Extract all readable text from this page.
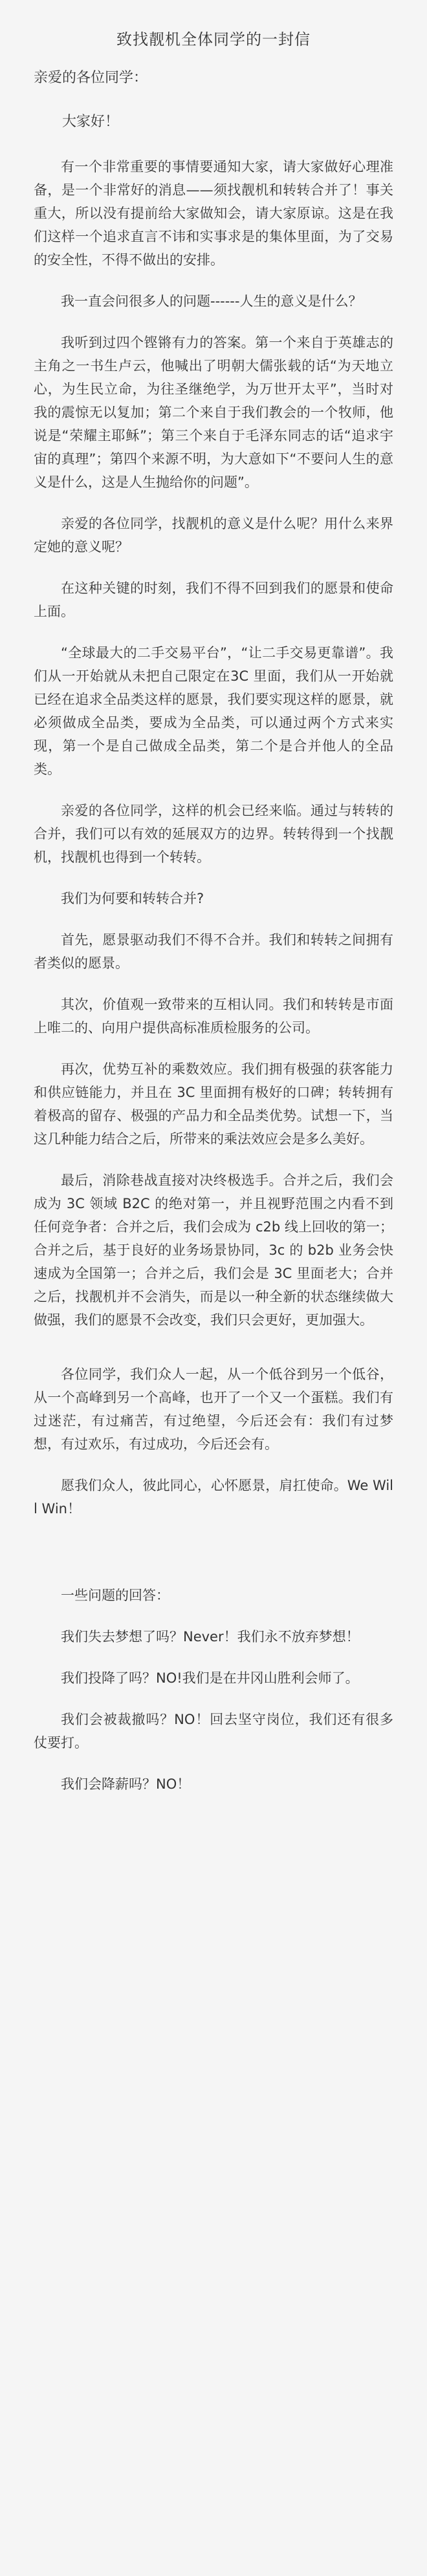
致找靓机全体同学的一封信

亲爱的各位同学：

大家好！

有一个非常重要的事情要通知大家，请大家做好心理准备，是一个非常好的消息——须找靓机和转转合并了！事关重大，所以没有提前给大家做知会，请大家原谅。这是在我们这样一个追求直言不讳和实事求是的集体里面，为了交易的安全性，不得不做出的安排。

我一直会问很多人的问题------人生的意义是什么？

我听到过四个铿锵有力的答案。第一个来自于英雄志的主角之一书生卢云，他喊出了明朝大儒张载的话“为天地立心，为生民立命，为往圣继绝学，为万世开太平”，当时对我的震惊无以复加；第二个来自于我们教会的一个牧师，他说是“荣耀主耶稣”；第三个来自于毛泽东同志的话“追求宇宙的真理”；第四个来源不明，为大意如下“不要问人生的意义是什么，这是人生抛给你的问题”。

亲爱的各位同学，找靓机的意义是什么呢？用什么来界定她的意义呢？

在这种关键的时刻，我们不得不回到我们的愿景和使命上面。

“全球最大的二手交易平台”，“让二手交易更靠谱”。我们从一开始就从未把自己限定在3C 里面，我们从一开始就已经在追求全品类这样的愿景，我们要实现这样的愿景，就必须做成全品类，要成为全品类，可以通过两个方式来实现，第一个是自己做成全品类，第二个是合并他人的全品类。

亲爱的各位同学，这样的机会已经来临。通过与转转的合并，我们可以有效的延展双方的边界。转转得到一个找靓机，找靓机也得到一个转转。

我们为何要和转转合并?

首先，愿景驱动我们不得不合并。我们和转转之间拥有者类似的愿景。

其次，价值观一致带来的互相认同。我们和转转是市面上唯二的、向用户提供高标准质检服务的公司。

再次，优势互补的乘数效应。我们拥有极强的获客能力和供应链能力，并且在 3C 里面拥有极好的口碑；转转拥有着极高的留存、极强的产品力和全品类优势。试想一下，当这几种能力结合之后，所带来的乘法效应会是多么美好。

最后，消除巷战直接对决终极选手。合并之后，我们会成为 3C 领域 B2C 的绝对第一，并且视野范围之内看不到任何竞争者：合并之后，我们会成为 c2b 线上回收的第一；合并之后，基于良好的业务场景协同，3c 的 b2b 业务会快速成为全国第一；合并之后，我们会是 3C 里面老大；合并之后，找靓机并不会消失，而是以一种全新的状态继续做大做强，我们的愿景不会改变，我们只会更好，更加强大。

各位同学，我们众人一起，从一个低谷到另一个低谷，从一个高峰到另一个高峰，也开了一个又一个蛋糕。我们有过迷茫，有过痛苦，有过绝望，今后还会有：我们有过梦想，有过欢乐，有过成功，今后还会有。

愿我们众人，彼此同心，心怀愿景，肩扛使命。We Will Win！

一些问题的回答：

我们失去梦想了吗？Never！我们永不放弃梦想！

我们投降了吗？NO!我们是在井冈山胜利会师了。

我们会被裁撤吗？NO！回去坚守岗位，我们还有很多仗要打。

我们会降薪吗？NO！
